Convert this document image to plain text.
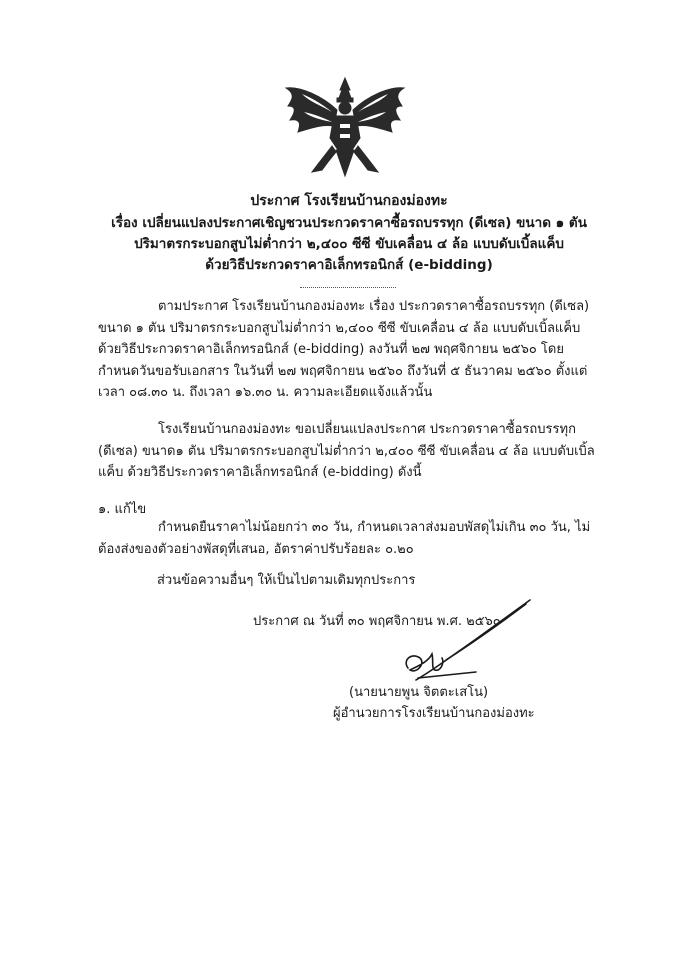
ประกาศ โรงเรียนบ้านกองม่องทะ
เรื่อง เปลี่ยนแปลงประกาศเชิญชวนประกวดราคาซื้อรถบรรทุก (ดีเซล) ขนาด ๑ ตัน
ปริมาตรกระบอกสูบไม่ต่ำกว่า ๒,๔๐๐ ซีซี ขับเคลื่อน ๔ ล้อ แบบดับเบิ้ลแค็บ
ด้วยวิธีประกวดราคาอิเล็กทรอนิกส์ (e-bidding)
ตามประกาศ โรงเรียนบ้านกองม่องทะ เรื่อง ประกวดราคาซื้อรถบรรทุก (ดีเซล) ขนาด ๑ ตัน ปริมาตรกระบอกสูบไม่ต่ำกว่า ๒,๔๐๐ ซีซี ขับเคลื่อน ๔ ล้อ แบบดับเบิ้ลแค็บ ด้วยวิธีประกวดราคาอิเล็กทรอนิกส์ (e-bidding) ลงวันที่ ๒๗ พฤศจิกายน ๒๕๖๐ โดยกำหนดวันขอรับเอกสาร ในวันที่ ๒๗ พฤศจิกายน ๒๕๖๐ ถึงวันที่ ๕ ธันวาคม ๒๕๖๐ ตั้งแต่เวลา ๐๘.๓๐ น. ถึงเวลา ๑๖.๓๐ น. ความละเอียดแจ้งแล้วนั้น
โรงเรียนบ้านกองม่องทะ ขอเปลี่ยนแปลงประกาศ ประกวดราคาซื้อรถบรรทุก (ดีเซล) ขนาด๑ ตัน ปริมาตรกระบอกสูบไม่ต่ำกว่า ๒,๔๐๐ ซีซี ขับเคลื่อน ๔ ล้อ แบบดับเบิ้ลแค็บ ด้วยวิธีประกวดราคาอิเล็กทรอนิกส์ (e-bidding) ดังนี้
๑. แก้ไข
กำหนดยืนราคาไม่น้อยกว่า ๓๐ วัน, กำหนดเวลาส่งมอบพัสดุไม่เกิน ๓๐ วัน, ไม่ต้องส่งของตัวอย่างพัสดุที่เสนอ, อัตราค่าปรับร้อยละ ๐.๒๐
ส่วนข้อความอื่นๆ ให้เป็นไปตามเดิมทุกประการ
ประกาศ ณ วันที่ ๓๐ พฤศจิกายน พ.ศ. ๒๕๖๐
(นายนายพูน จิตตะเสโน)
ผู้อำนวยการโรงเรียนบ้านกองม่องทะ
